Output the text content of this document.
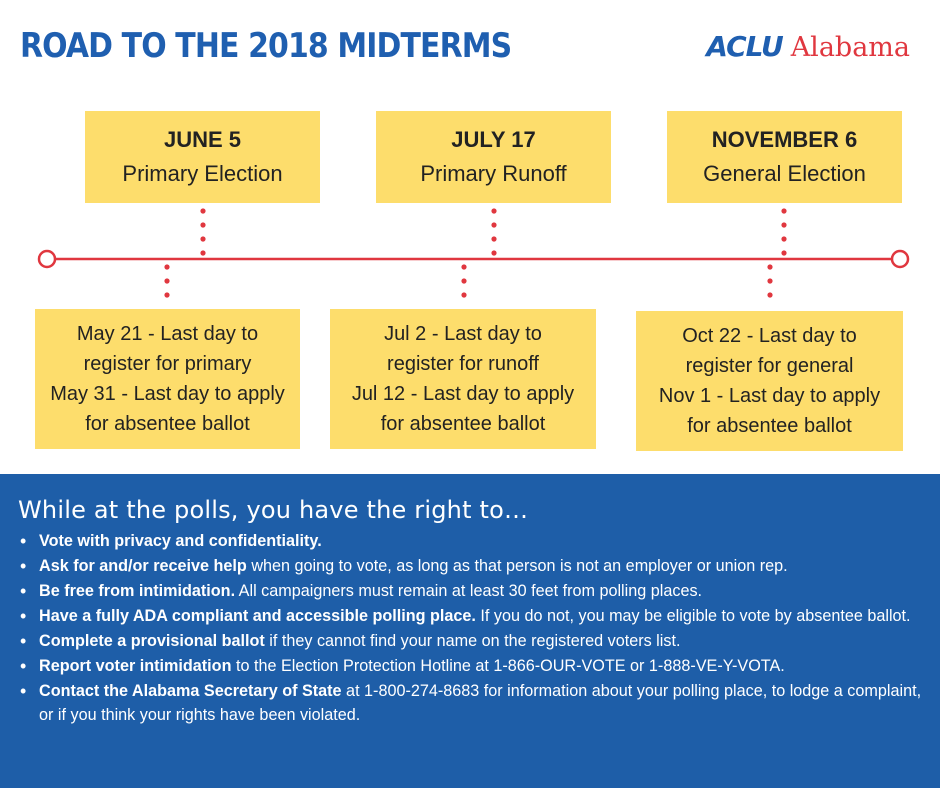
ROAD TO THE 2018 MIDTERMS	ACLU Alabama
JUNE 5
Primary Election
JULY 17
Primary Runoff
NOVEMBER 6
General Election
May 21 - Last day to
register for primary
May 31 - Last day to apply
for absentee ballot
Jul 2 - Last day to
register for runoff
Jul 12 - Last day to apply
for absentee ballot
Oct 22 - Last day to
register for general
Nov 1 - Last day to apply
for absentee ballot
While at the polls, you have the right to…
• Vote with privacy and confidentiality.
• Ask for and/or receive help when going to vote, as long as that person is not an employer or union rep.
• Be free from intimidation. All campaigners must remain at least 30 feet from polling places.
• Have a fully ADA compliant and accessible polling place. If you do not, you may be eligible to vote by absentee ballot.
• Complete a provisional ballot if they cannot find your name on the registered voters list.
• Report voter intimidation to the Election Protection Hotline at 1-866-OUR-VOTE or 1-888-VE-Y-VOTA.
• Contact the Alabama Secretary of State at 1-800-274-8683 for information about your polling place, to lodge a complaint, or if you think your rights have been violated.
